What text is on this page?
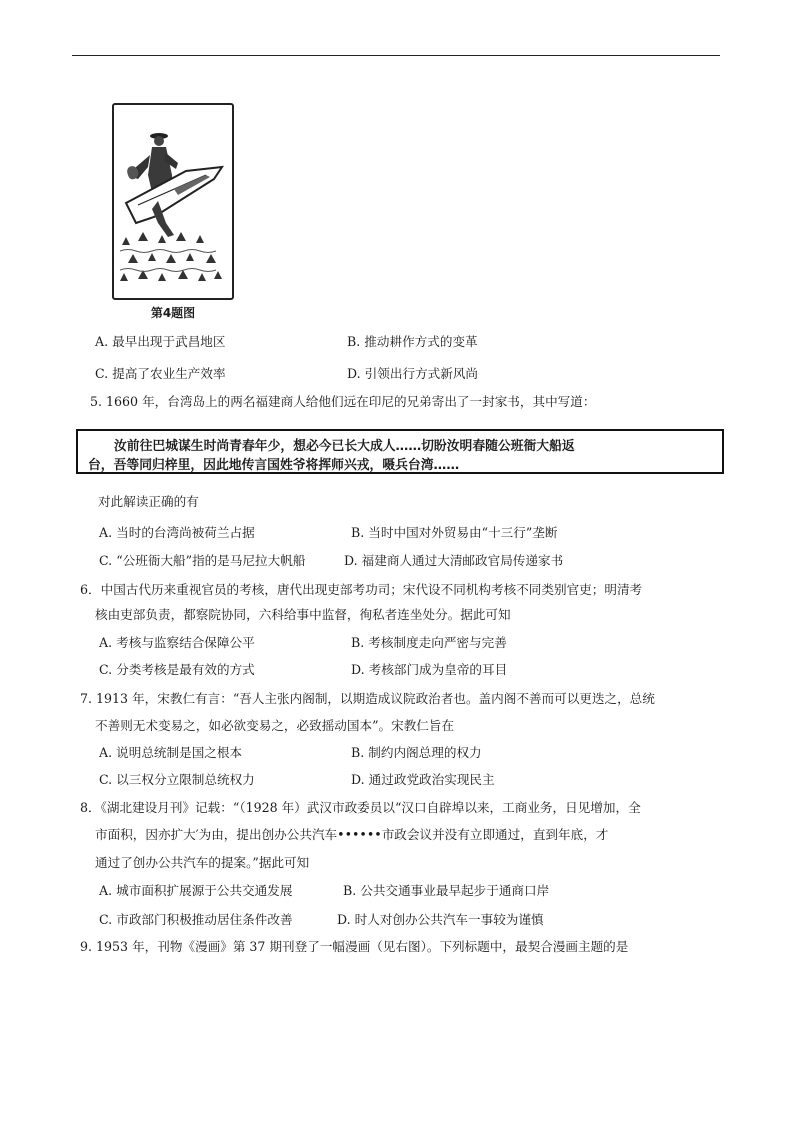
第4题图
A. 最早出现于武昌地区	B. 推动耕作方式的变革
C. 提高了农业生产效率	D. 引领出行方式新风尚
5. 1660 年，台湾岛上的两名福建商人给他们远在印尼的兄弟寄出了一封家书，其中写道：
汝前往巴城谋生时尚青春年少，想必今已长大成人……切盼汝明春随公班衙大船返
台，吾等同归梓里，因此地传言国姓爷将挥师兴戎，嗫兵台湾……
对此解读正确的有
A. 当时的台湾尚被荷兰占据	B. 当时中国对外贸易由“十三行”垄断
C. “公班衙大船”指的是马尼拉大帆船	D. 福建商人通过大清邮政官局传递家书
6．中国古代历来重视官员的考核，唐代出现吏部考功司；宋代设不同机构考核不同类别官吏；明清考
核由吏部负责，都察院协同，六科给事中监督，徇私者连坐处分。据此可知
A. 考核与监察结合保障公平	B. 考核制度走向严密与完善
C. 分类考核是最有效的方式	D. 考核部门成为皇帝的耳目
7. 1913 年，宋教仁有言：“吾人主张内阁制，以期造成议院政治者也。盖内阁不善而可以更迭之，总统
不善则无术变易之，如必欲变易之，必致摇动国本”。宋教仁旨在
A. 说明总统制是国之根本	B. 制约内阁总理的权力
C. 以三权分立限制总统权力	D. 通过政党政治实现民主
8．《湖北建设月刊》记载：“（1928 年）武汉市政委员以“汉口自辟埠以来，工商业务，日见增加，全
市面积，因亦扩大′为由，提出创办公共汽车••••••市政会议并没有立即通过，直到年底，才
通过了创办公共汽车的提案。”据此可知
A. 城市面积扩展源于公共交通发展	B. 公共交通事业最早起步于通商口岸
C. 市政部门积极推动居住条件改善	D. 时人对创办公共汽车一事较为谨慎
9. 1953 年，刊物《漫画》第 37 期刊登了一幅漫画（见右图）。下列标题中，最契合漫画主题的是
